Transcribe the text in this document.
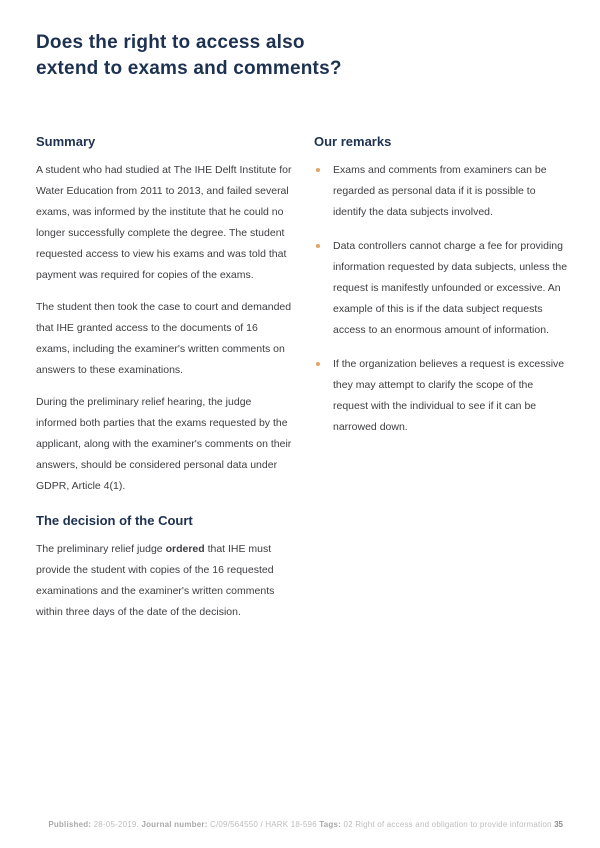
Does the right to access also extend to exams and comments?
Summary

A student who had studied at The IHE Delft Institute for Water Education from 2011 to 2013, and failed several exams, was informed by the institute that he could no longer successfully complete the degree. The student requested access to view his exams and was told that payment was required for copies of the exams.

The student then took the case to court and demanded that IHE granted access to the documents of 16 exams, including the examiner's written comments on answers to these examinations.

During the preliminary relief hearing, the judge informed both parties that the exams requested by the applicant, along with the examiner's comments on their answers, should be considered personal data under GDPR, Article 4(1).

The decision of the Court

The preliminary relief judge ordered that IHE must provide the student with copies of the 16 requested examinations and the examiner's written comments within three days of the date of the decision.

Our remarks

Exams and comments from examiners can be regarded as personal data if it is possible to identify the data subjects involved.

Data controllers cannot charge a fee for providing information requested by data subjects, unless the request is manifestly unfounded or excessive. An example of this is if the data subject requests access to an enormous amount of information.

If the organization believes a request is excessive they may attempt to clarify the scope of the request with the individual to see if it can be narrowed down.

Published: 28-05-2019. Journal number: C/09/564550 / HARK 18-596 Tags: 02 Right of access and obligation to provide information 35
